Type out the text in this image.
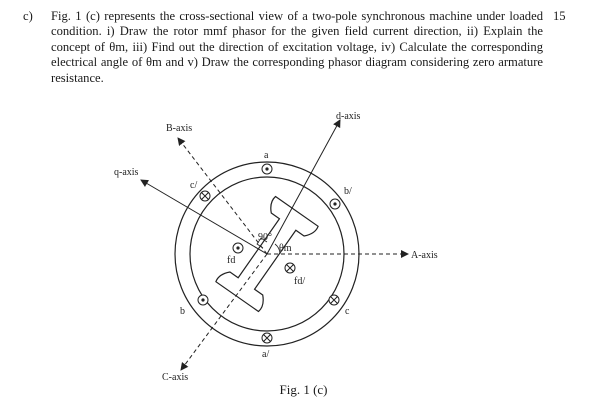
c) Fig. 1 (c) represents the cross-sectional view of a two-pole synchronous machine under loaded condition. i) Draw the rotor mmf phasor for the given field current direction, ii) Explain the concept of θm, iii) Find out the direction of excitation voltage, iv) Calculate the corresponding electrical angle of θm and v) Draw the corresponding phasor diagram considering zero armature resistance.
15
B-axis
q-axis
d-axis
A-axis
C-axis
a
b/
c/
b	c
a/
fd
fd/
90°
θm
Fig. 1 (c)
